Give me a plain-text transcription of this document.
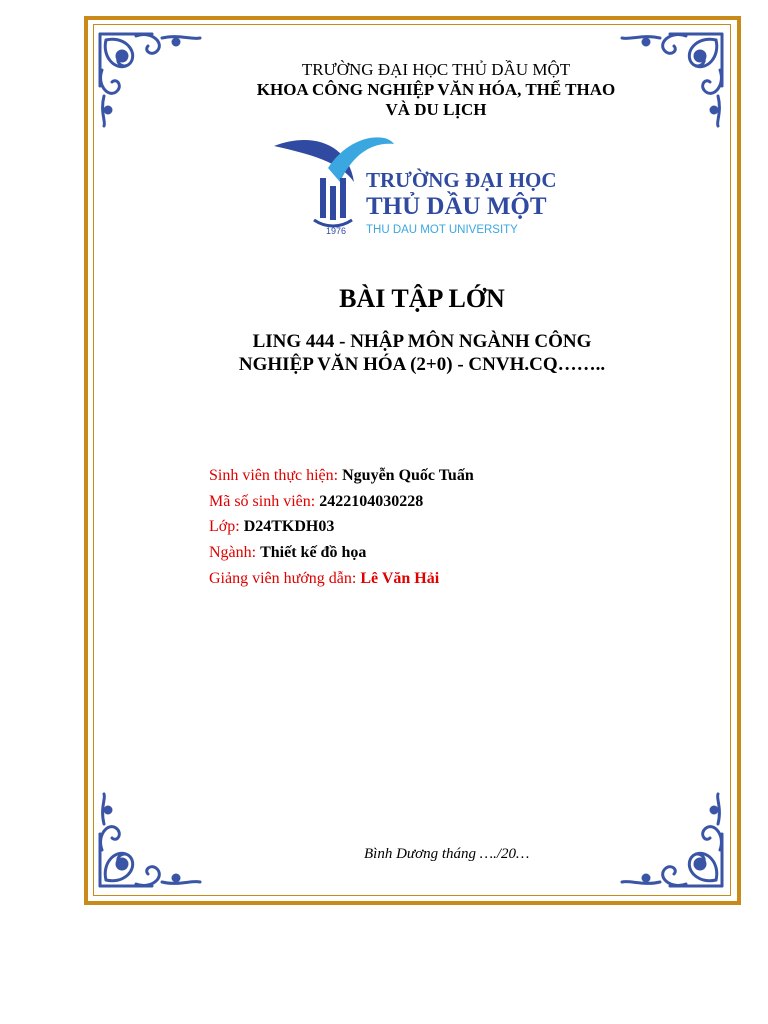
TRƯỜNG ĐẠI HỌC THỦ DẦU MỘT
KHOA CÔNG NGHIỆP VĂN HÓA, THỂ THAO
VÀ DU LỊCH
1976
TRƯỜNG ĐẠI HỌC
THỦ DẦU MỘT
THU DAU MOT UNIVERSITY
BÀI TẬP LỚN
LING 444 - NHẬP MÔN NGÀNH CÔNG
NGHIỆP VĂN HÓA (2+0) - CNVH.CQ……..
Sinh viên thực hiện: Nguyễn Quốc Tuấn
Mã số sinh viên: 2422104030228
Lớp: D24TKDH03
Ngành: Thiết kế đồ họa
Giảng viên hướng dẫn: Lê Văn Hải
Bình Dương tháng …./20…
